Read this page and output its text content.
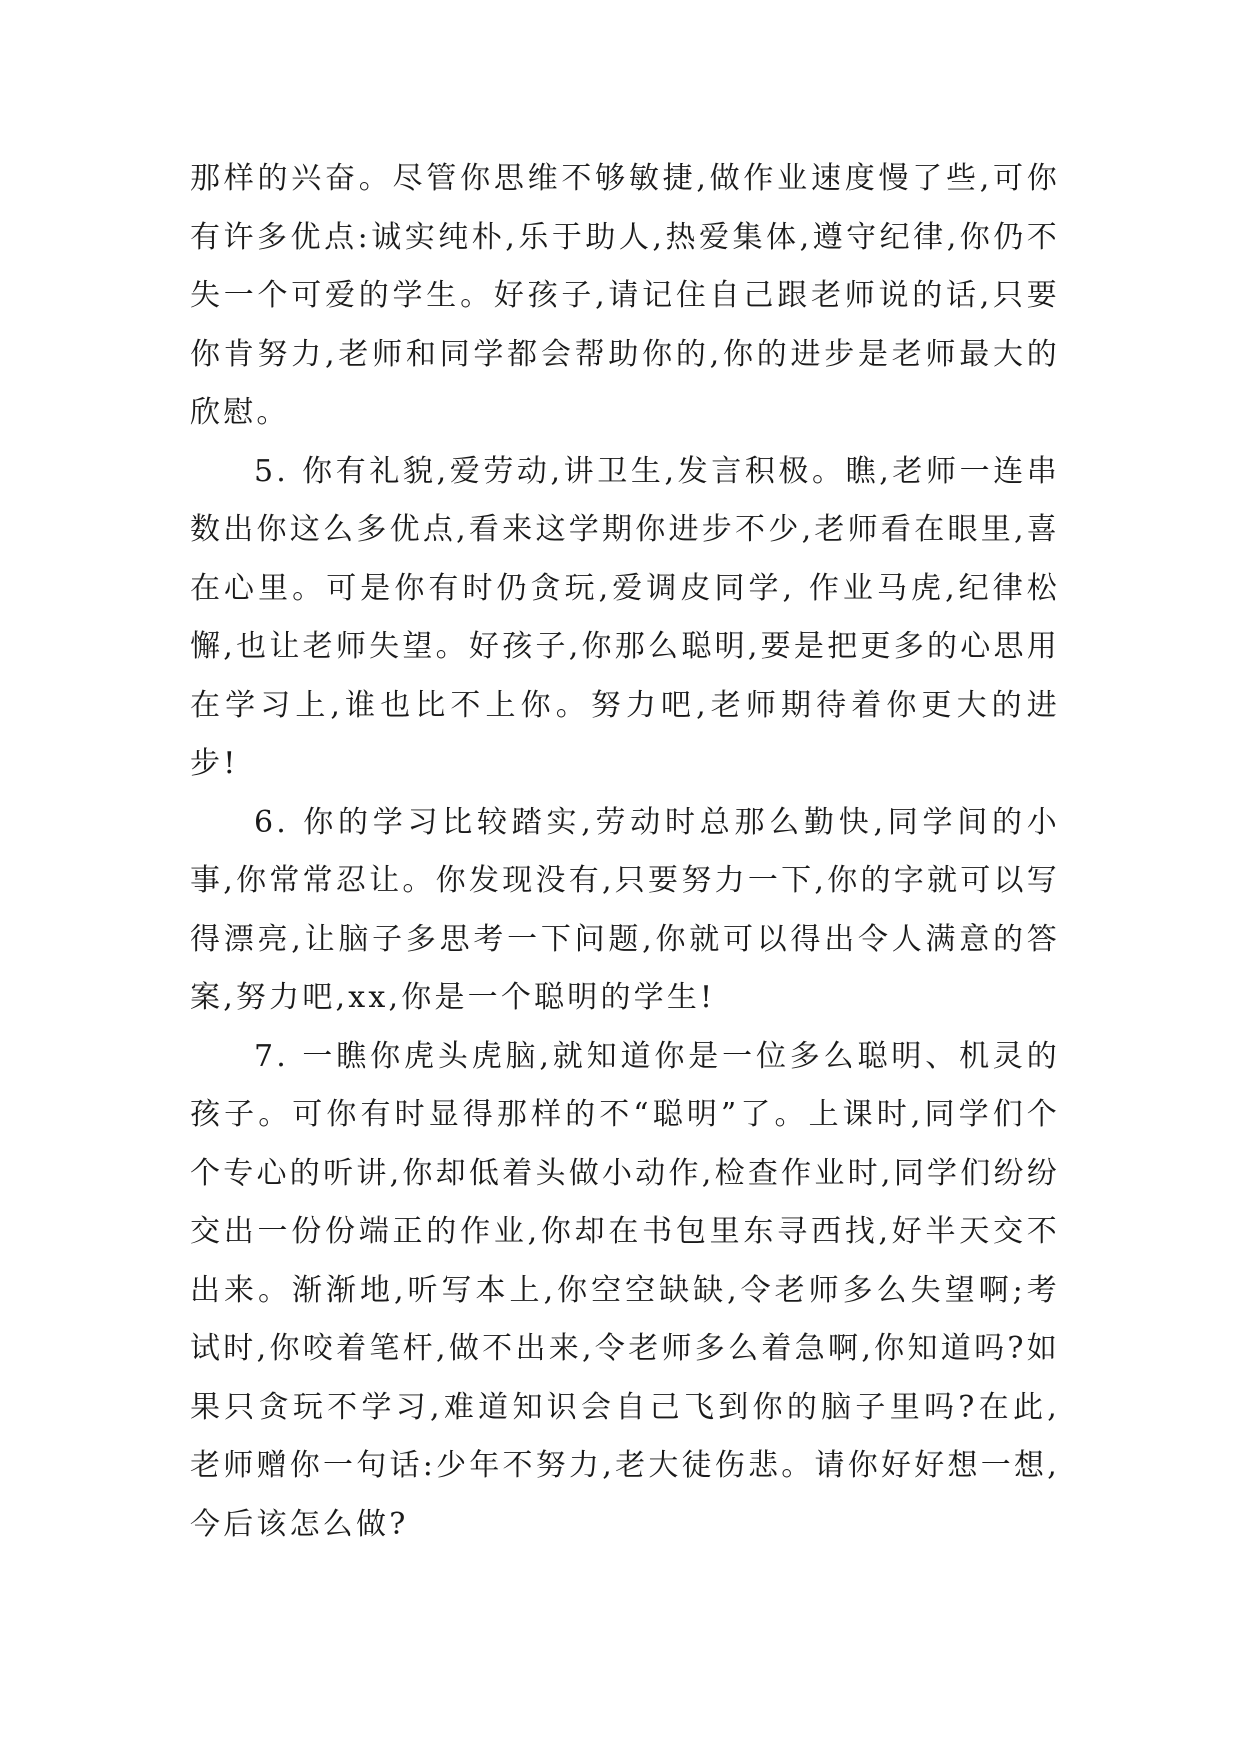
那样的兴奋。尽管你思维不够敏捷,做作业速度慢了些,可你有许多优点:诚实纯朴,乐于助人,热爱集体,遵守纪律,你仍不失一个可爱的学生。好孩子,请记住自己跟老师说的话,只要你肯努力,老师和同学都会帮助你的,你的进步是老师最大的欣慰。

5. 你有礼貌,爱劳动,讲卫生,发言积极。瞧,老师一连串数出你这么多优点,看来这学期你进步不少,老师看在眼里,喜在心里。可是你有时仍贪玩,爱调皮同学, 作业马虎,纪律松懈,也让老师失望。好孩子,你那么聪明,要是把更多的心思用在学习上,谁也比不上你。努力吧,老师期待着你更大的进步!

6. 你的学习比较踏实,劳动时总那么勤快,同学间的小事,你常常忍让。你发现没有,只要努力一下,你的字就可以写得漂亮,让脑子多思考一下问题,你就可以得出令人满意的答案,努力吧,xx,你是一个聪明的学生!

7. 一瞧你虎头虎脑,就知道你是一位多么聪明、机灵的孩子。可你有时显得那样的不“聪明”了。上课时,同学们个个专心的听讲,你却低着头做小动作,检查作业时,同学们纷纷交出一份份端正的作业,你却在书包里东寻西找,好半天交不出来。渐渐地,听写本上,你空空缺缺,令老师多么失望啊;考试时,你咬着笔杆,做不出来,令老师多么着急啊,你知道吗?如果只贪玩不学习,难道知识会自己飞到你的脑子里吗?在此,老师赠你一句话:少年不努力,老大徒伤悲。请你好好想一想,今后该怎么做?
